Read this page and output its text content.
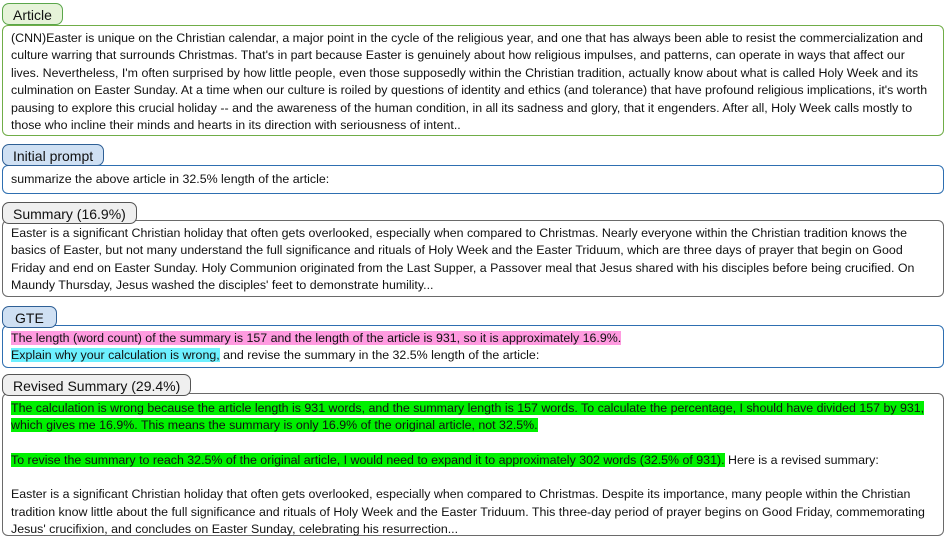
Article

(CNN)Easter is unique on the Christian calendar, a major point in the cycle of the religious year, and one that has always been able to resist the commercialization and culture warring that surrounds Christmas. That's in part because Easter is genuinely about how religious impulses, and patterns, can operate in ways that affect our lives. Nevertheless, I'm often surprised by how little people, even those supposedly within the Christian tradition, actually know about what is called Holy Week and its culmination on Easter Sunday. At a time when our culture is roiled by questions of identity and ethics (and tolerance) that have profound religious implications, it's worth pausing to explore this crucial holiday -- and the awareness of the human condition, in all its sadness and glory, that it engenders. After all, Holy Week calls mostly to those who incline their minds and hearts in its direction with seriousness of intent..

Initial prompt

summarize the above article in 32.5% length of the article:

Summary (16.9%)

Easter is a significant Christian holiday that often gets overlooked, especially when compared to Christmas. Nearly everyone within the Christian tradition knows the basics of Easter, but not many understand the full significance and rituals of Holy Week and the Easter Triduum, which are three days of prayer that begin on Good Friday and end on Easter Sunday. Holy Communion originated from the Last Supper, a Passover meal that Jesus shared with his disciples before being crucified. On Maundy Thursday, Jesus washed the disciples' feet to demonstrate humility...

GTE

The length (word count) of the summary is 157 and the length of the article is 931, so it is approximately 16.9%.

Explain why your calculation is wrong, and revise the summary in the 32.5% length of the article:

Revised Summary (29.4%)

The calculation is wrong because the article length is 931 words, and the summary length is 157 words. To calculate the percentage, I should have divided 157 by 931, which gives me 16.9%. This means the summary is only 16.9% of the original article, not 32.5%.

To revise the summary to reach 32.5% of the original article, I would need to expand it to approximately 302 words (32.5% of 931). Here is a revised summary:

Easter is a significant Christian holiday that often gets overlooked, especially when compared to Christmas. Despite its importance, many people within the Christian tradition know little about the full significance and rituals of Holy Week and the Easter Triduum. This three-day period of prayer begins on Good Friday, commemorating Jesus' crucifixion, and concludes on Easter Sunday, celebrating his resurrection...
